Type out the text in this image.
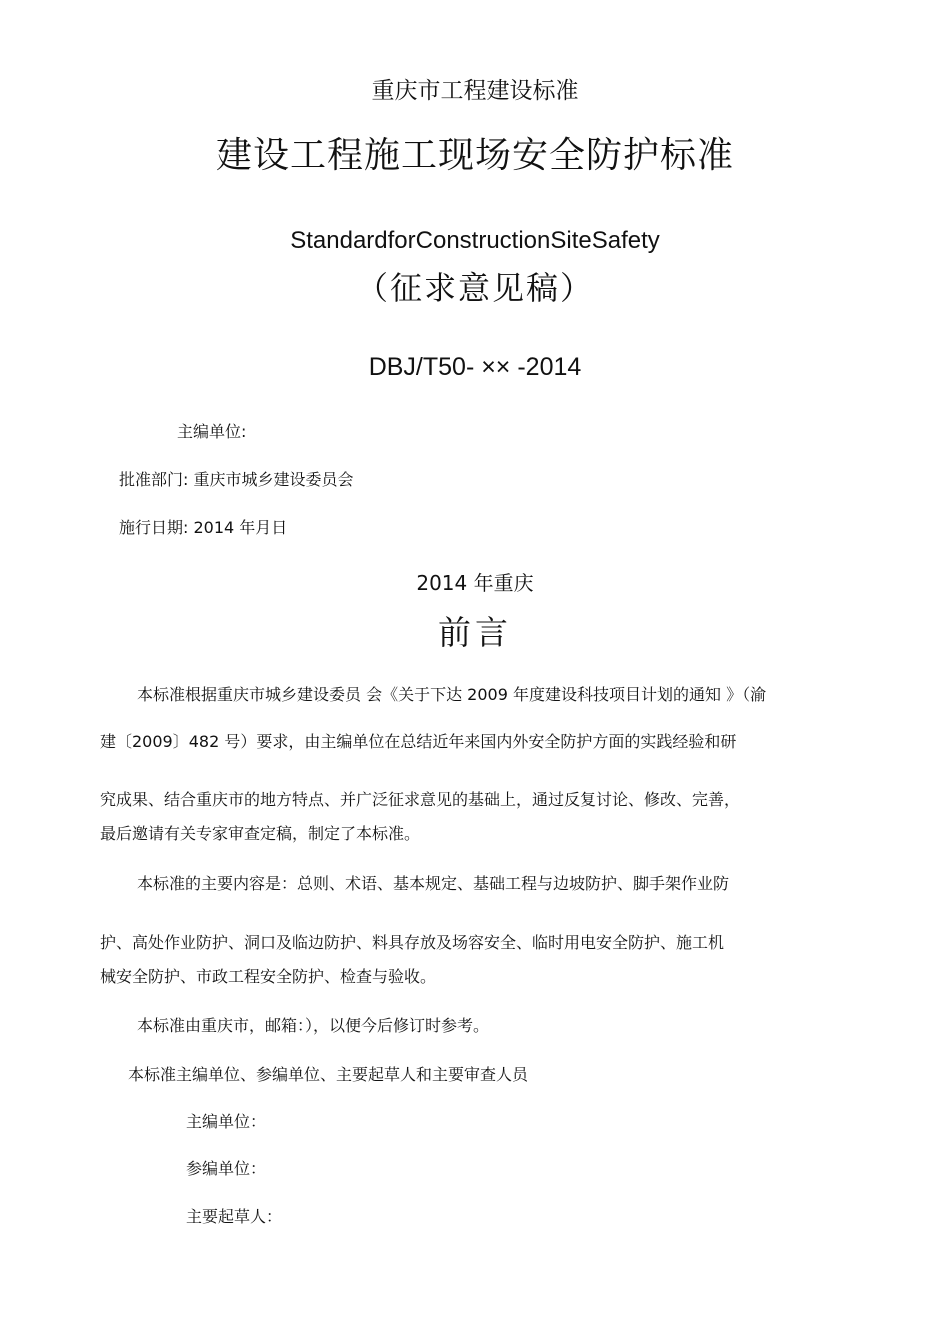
重庆市工程建设标准
建设工程施工现场安全防护标准
StandardforConstructionSiteSafety
（征求意见稿）
DBJ/T50- ×× -2014
主编单位:
批准部门: 重庆市城乡建设委员会
施行日期: 2014 年月日
2014 年重庆
前言
本标准根据重庆市城乡建设委员 会《关于下达 2009 年度建设科技项目计划的通知 》（渝
建〔2009〕482 号）要求，由主编单位在总结近年来国内外安全防护方面的实践经验和研
究成果、结合重庆市的地方特点、并广泛征求意见的基础上，通过反复讨论、修改、完善，
最后邀请有关专家审查定稿，制定了本标准。
本标准的主要内容是：总则、术语、基本规定、基础工程与边坡防护、脚手架作业防
护、高处作业防护、洞口及临边防护、料具存放及场容安全、临时用电安全防护、施工机
械安全防护、市政工程安全防护、检查与验收。
本标准由重庆市，邮箱：），以便今后修订时参考。
本标准主编单位、参编单位、主要起草人和主要审查人员
主编单位：
参编单位：
主要起草人：
